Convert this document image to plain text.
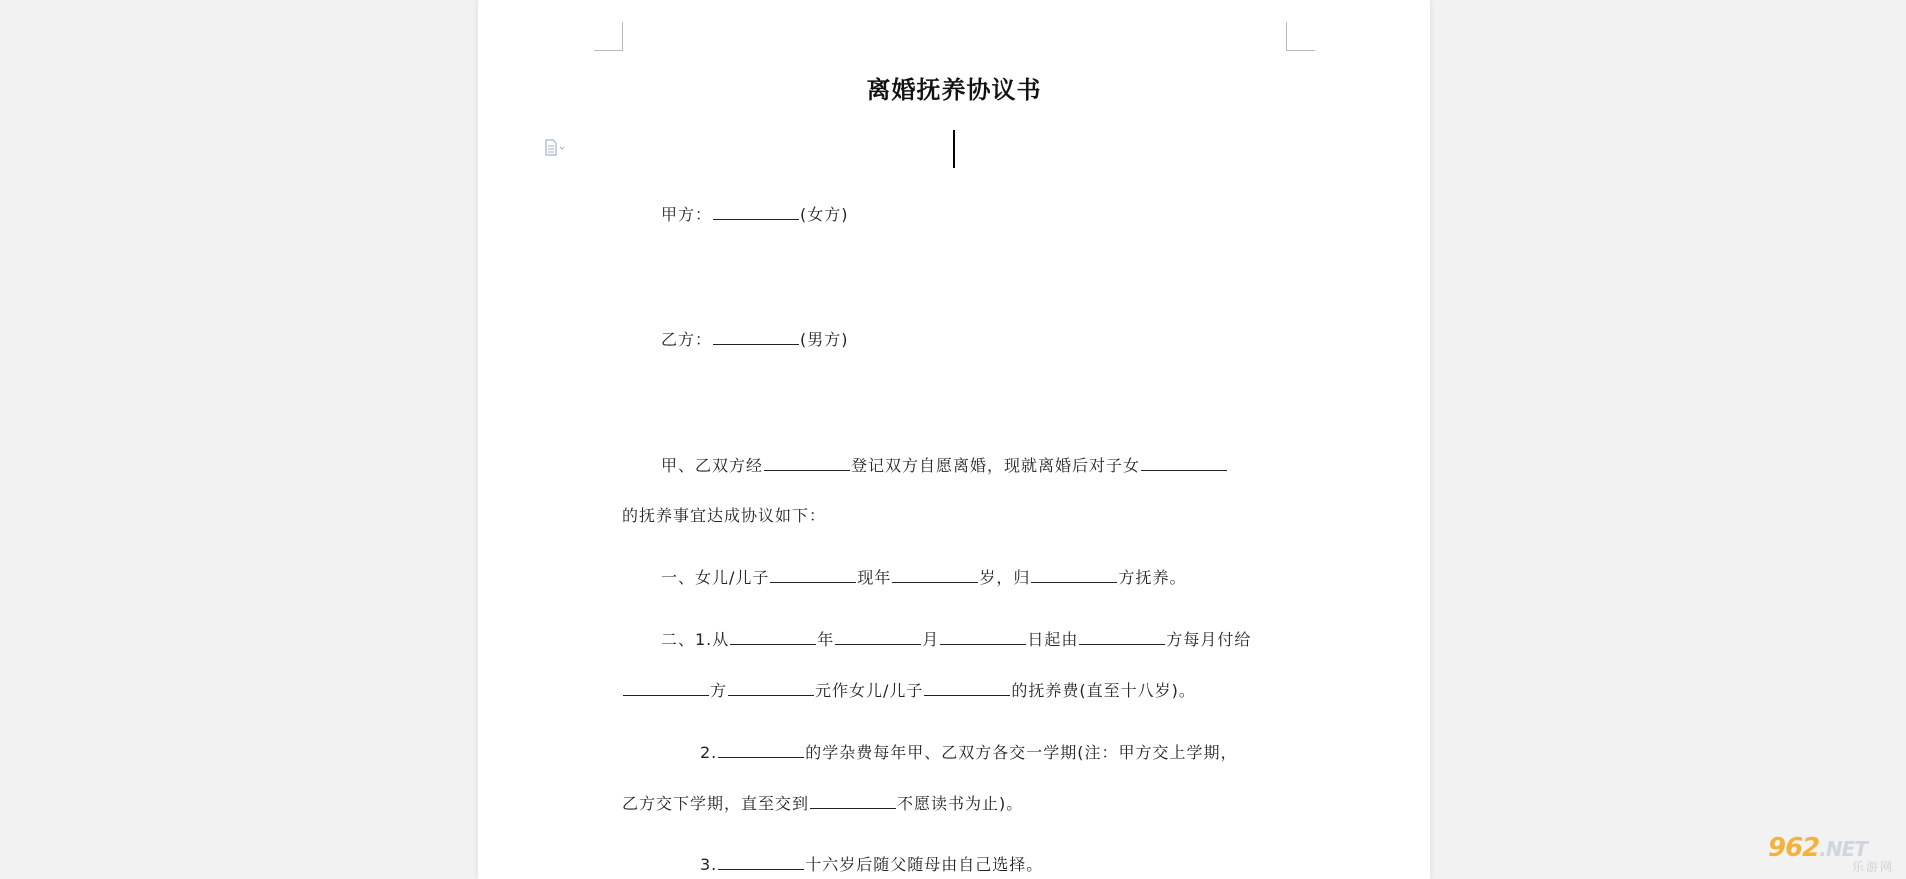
离婚抚养协议书
甲方：	(女方)
乙方：	(男方)
甲、乙双方经	登记双方自愿离婚，现就离婚后对子女
的抚养事宜达成协议如下：
一、女儿/儿子	现年	岁，归	方抚养。
二、1.从	年	月	日起由	方每月付给
方	元作女儿/儿子	的抚养费(直至十八岁)。
2.	的学杂费每年甲、乙双方各交一学期(注：甲方交上学期，
乙方交下学期，直至交到	不愿读书为止)。
3.	十六岁后随父随母由自己选择。
962.NET
乐游网
